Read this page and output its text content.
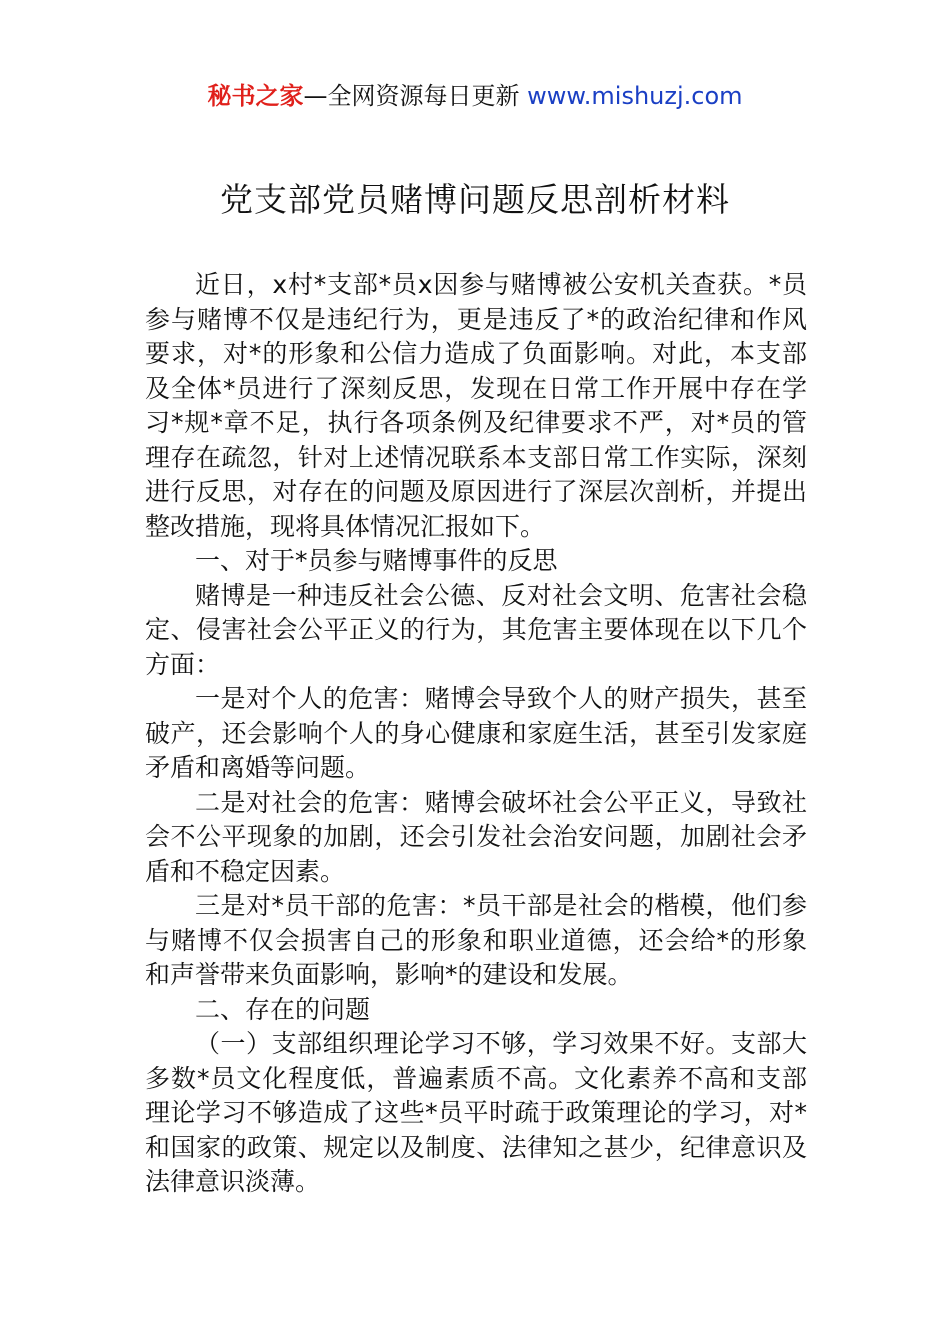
秘书之家—全网资源每日更新 www.mishuzj.com
党支部党员赌博问题反思剖析材料

近日，x村*支部*员x因参与赌博被公安机关查获。*员参与赌博不仅是违纪行为，更是违反了*的政治纪律和作风要求，对*的形象和公信力造成了负面影响。对此，本支部及全体*员进行了深刻反思，发现在日常工作开展中存在学习*规*章不足，执行各项条例及纪律要求不严，对*员的管理存在疏忽，针对上述情况联系本支部日常工作实际，深刻进行反思，对存在的问题及原因进行了深层次剖析，并提出整改措施，现将具体情况汇报如下。

一、对于*员参与赌博事件的反思

赌博是一种违反社会公德、反对社会文明、危害社会稳定、侵害社会公平正义的行为，其危害主要体现在以下几个方面：

一是对个人的危害：赌博会导致个人的财产损失，甚至破产，还会影响个人的身心健康和家庭生活，甚至引发家庭矛盾和离婚等问题。

二是对社会的危害：赌博会破坏社会公平正义，导致社会不公平现象的加剧，还会引发社会治安问题，加剧社会矛盾和不稳定因素。

三是对*员干部的危害：*员干部是社会的楷模，他们参与赌博不仅会损害自己的形象和职业道德，还会给*的形象和声誉带来负面影响，影响*的建设和发展。

二、存在的问题

（一）支部组织理论学习不够，学习效果不好。支部大多数*员文化程度低，普遍素质不高。文化素养不高和支部理论学习不够造成了这些*员平时疏于政策理论的学习，对*和国家的政策、规定以及制度、法律知之甚少，纪律意识及法律意识淡薄。
